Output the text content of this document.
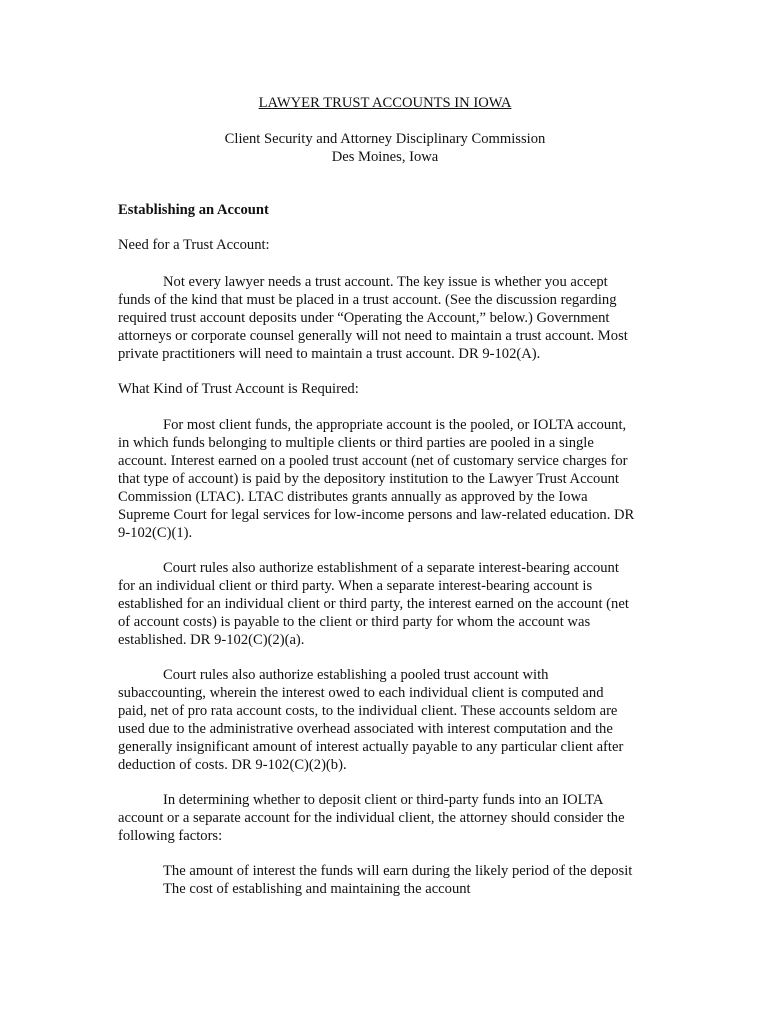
LAWYER TRUST ACCOUNTS IN IOWA
Client Security and Attorney Disciplinary Commission
Des Moines, Iowa
Establishing an Account
Need for a Trust Account:
Not every lawyer needs a trust account. The key issue is whether you accept
funds of the kind that must be placed in a trust account. (See the discussion regarding
required trust account deposits under “Operating the Account,” below.) Government
attorneys or corporate counsel generally will not need to maintain a trust account. Most
private practitioners will need to maintain a trust account. DR 9-102(A).
What Kind of Trust Account is Required:
For most client funds, the appropriate account is the pooled, or IOLTA account,
in which funds belonging to multiple clients or third parties are pooled in a single
account. Interest earned on a pooled trust account (net of customary service charges for
that type of account) is paid by the depository institution to the Lawyer Trust Account
Commission (LTAC). LTAC distributes grants annually as approved by the Iowa
Supreme Court for legal services for low-income persons and law-related education. DR
9-102(C)(1).
Court rules also authorize establishment of a separate interest-bearing account
for an individual client or third party. When a separate interest-bearing account is
established for an individual client or third party, the interest earned on the account (net
of account costs) is payable to the client or third party for whom the account was
established. DR 9-102(C)(2)(a).
Court rules also authorize establishing a pooled trust account with
subaccounting, wherein the interest owed to each individual client is computed and
paid, net of pro rata account costs, to the individual client. These accounts seldom are
used due to the administrative overhead associated with interest computation and the
generally insignificant amount of interest actually payable to any particular client after
deduction of costs. DR 9-102(C)(2)(b).
In determining whether to deposit client or third-party funds into an IOLTA
account or a separate account for the individual client, the attorney should consider the
following factors:
The amount of interest the funds will earn during the likely period of the deposit
The cost of establishing and maintaining the account
